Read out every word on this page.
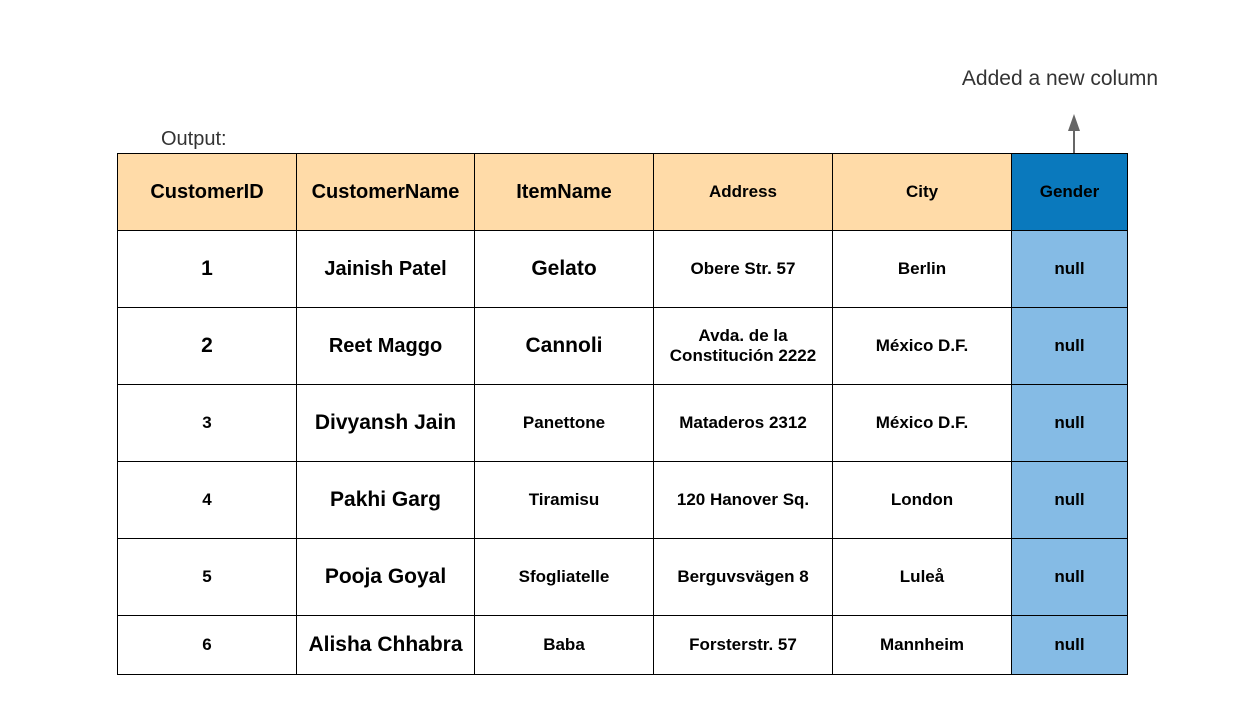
Added a new column
Output:
CustomerID	CustomerName	ItemName	Address	City	Gender
1	Jainish Patel	Gelato	Obere Str. 57	Berlin	null
2	Reet Maggo	Cannoli	Avda. de la Constitución 2222	México D.F.	null
3	Divyansh Jain	Panettone	Mataderos 2312	México D.F.	null
4	Pakhi Garg	Tiramisu	120 Hanover Sq.	London	null
5	Pooja Goyal	Sfogliatelle	Berguvsvägen 8	Luleå	null
6	Alisha Chhabra	Baba	Forsterstr. 57	Mannheim	null
